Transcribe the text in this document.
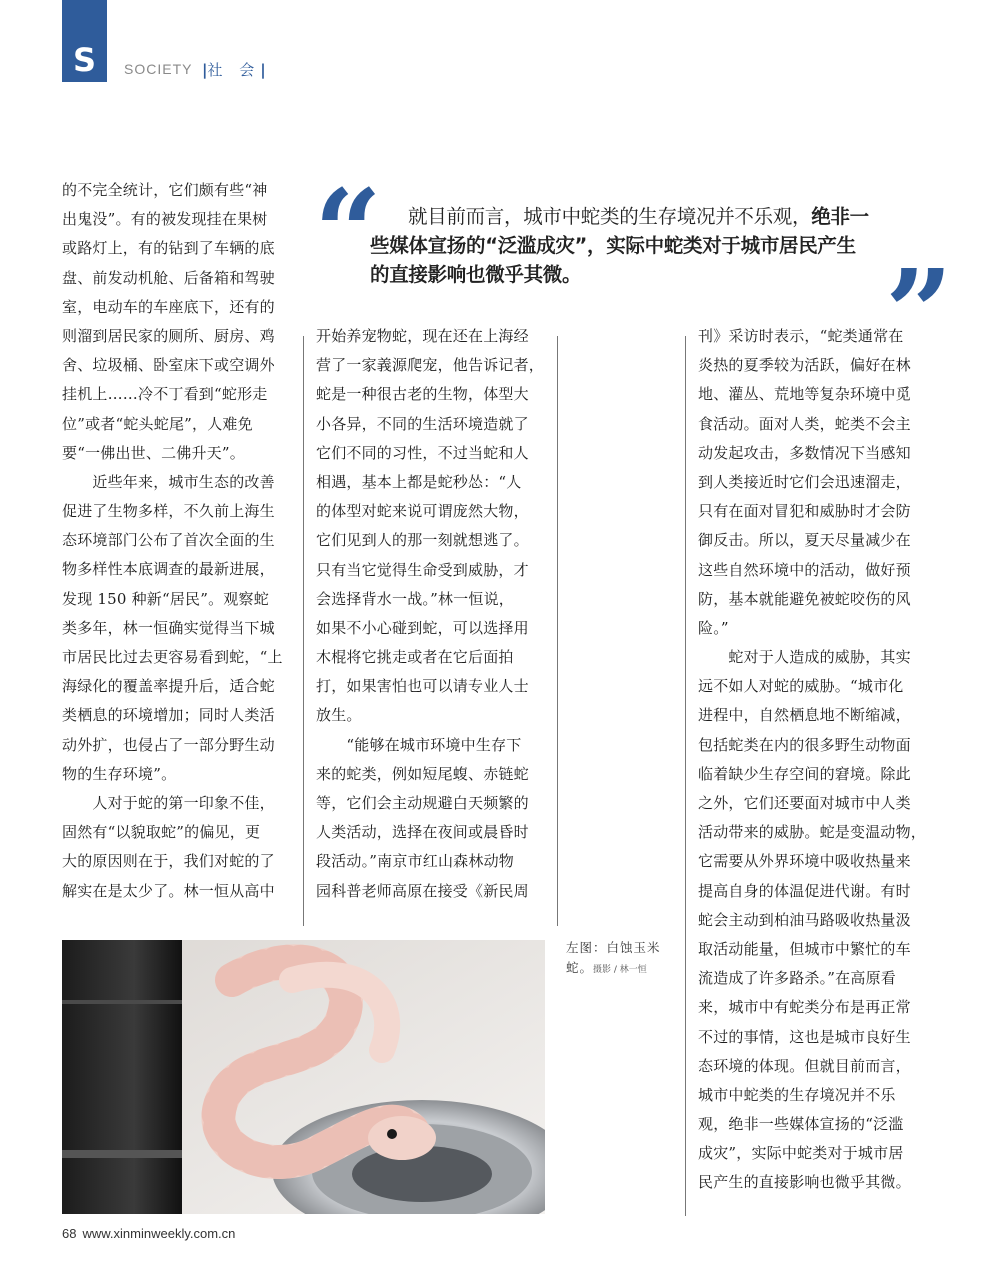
S	SOCIETY |社 会|
“	就目前而言，城市中蛇类的生存境况并不乐观，绝非一
些媒体宣扬的“泛滥成灾”，实际中蛇类对于城市居民产生
的直接影响也微乎其微。	”
的不完全统计，它们颇有些“神
出鬼没”。有的被发现挂在果树
或路灯上，有的钻到了车辆的底
盘、前发动机舱、后备箱和驾驶
室，电动车的车座底下，还有的
则溜到居民家的厕所、厨房、鸡
舍、垃圾桶、卧室床下或空调外
挂机上……冷不丁看到“蛇形走
位”或者“蛇头蛇尾”，人难免
要“一佛出世、二佛升天”。
　　近些年来，城市生态的改善
促进了生物多样，不久前上海生
态环境部门公布了首次全面的生
物多样性本底调查的最新进展，
发现 150 种新“居民”。观察蛇
类多年，林一恒确实觉得当下城
市居民比过去更容易看到蛇，“上
海绿化的覆盖率提升后，适合蛇
类栖息的环境增加；同时人类活
动外扩，也侵占了一部分野生动
物的生存环境”。
　　人对于蛇的第一印象不佳，
固然有“以貌取蛇”的偏见，更
大的原因则在于，我们对蛇的了
解实在是太少了。林一恒从高中
开始养宠物蛇，现在还在上海经
营了一家義源爬宠，他告诉记者，
蛇是一种很古老的生物，体型大
小各异，不同的生活环境造就了
它们不同的习性，不过当蛇和人
相遇，基本上都是蛇秒怂：“人
的体型对蛇来说可谓庞然大物，
它们见到人的那一刻就想逃了。
只有当它觉得生命受到威胁，才
会选择背水一战。”林一恒说，
如果不小心碰到蛇，可以选择用
木棍将它挑走或者在它后面拍
打，如果害怕也可以请专业人士
放生。
　　“能够在城市环境中生存下
来的蛇类，例如短尾蝮、赤链蛇
等，它们会主动规避白天频繁的
人类活动，选择在夜间或晨昏时
段活动。”南京市红山森林动物
园科普老师高原在接受《新民周
刊》采访时表示，“蛇类通常在
炎热的夏季较为活跃，偏好在林
地、灌丛、荒地等复杂环境中觅
食活动。面对人类，蛇类不会主
动发起攻击，多数情况下当感知
到人类接近时它们会迅速溜走，
只有在面对冒犯和威胁时才会防
御反击。所以，夏天尽量减少在
这些自然环境中的活动，做好预
防，基本就能避免被蛇咬伤的风
险。”
　　蛇对于人造成的威胁，其实
远不如人对蛇的威胁。“城市化
进程中，自然栖息地不断缩减，
包括蛇类在内的很多野生动物面
临着缺少生存空间的窘境。除此
之外，它们还要面对城市中人类
活动带来的威胁。蛇是变温动物，
它需要从外界环境中吸收热量来
提高自身的体温促进代谢。有时
蛇会主动到柏油马路吸收热量汲
取活动能量，但城市中繁忙的车
流造成了许多路杀。”在高原看
来，城市中有蛇类分布是再正常
不过的事情，这也是城市良好生
态环境的体现。但就目前而言，
城市中蛇类的生存境况并不乐
观，绝非一些媒体宣扬的“泛滥
成灾”，实际中蛇类对于城市居
民产生的直接影响也微乎其微。
左图：白蚀玉米蛇。摄影 / 林一恒
68 www.xinminweekly.com.cn
